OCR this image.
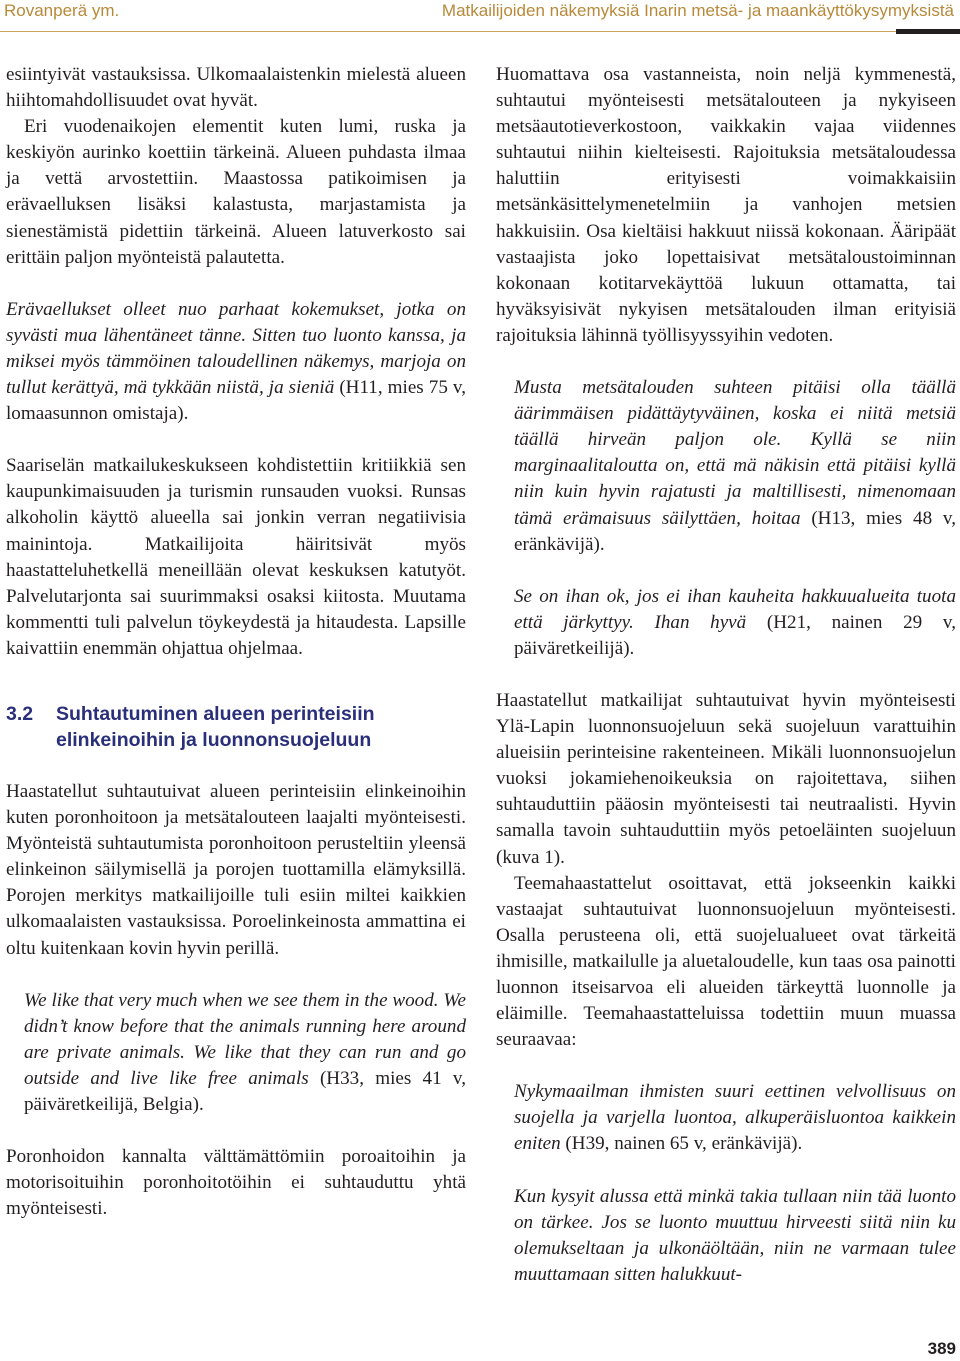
Rovanperä ym.	Matkailijoiden näkemyksiä Inarin metsä- ja maankäyttökysymyksistä

esiintyivät vastauksissa. Ulkomaalaistenkin mielestä alueen hiihtomahdollisuudet ovat hyvät.

Eri vuodenaikojen elementit kuten lumi, ruska ja keskiyön aurinko koettiin tärkeinä. Alueen puhdasta ilmaa ja vettä arvostettiin. Maastossa patikoimisen ja erävaelluksen lisäksi kalastusta, marjastamista ja sienestämistä pidettiin tärkeinä. Alueen latuverkosto sai erittäin paljon myönteistä palautetta.

Erävaellukset olleet nuo parhaat kokemukset, jotka on syvästi mua lähentäneet tänne. Sitten tuo luonto kanssa, ja miksei myös tämmöinen taloudellinen näkemys, marjoja on tullut kerättyä, mä tykkään niistä, ja sieniä (H11, mies 75 v, lomaasunnon omistaja).

Saariselän matkailukeskukseen kohdistettiin kritiikkiä sen kaupunkimaisuuden ja turismin runsauden vuoksi. Runsas alkoholin käyttö alueella sai jonkin verran negatiivisia mainintoja. Matkailijoita häiritsivät myös haastatteluhetkellä meneillään olevat keskuksen katutyöt. Palvelutarjonta sai suurimmaksi osaksi kiitosta. Muutama kommentti tuli palvelun töykeydestä ja hitaudesta. Lapsille kaivattiin enemmän ohjattua ohjelmaa.

3.2	Suhtautuminen alueen perinteisiin elinkeinoihin ja luonnonsuojeluun

Haastatellut suhtautuivat alueen perinteisiin elinkeinoihin kuten poronhoitoon ja metsätalouteen laajalti myönteisesti. Myönteistä suhtautumista poronhoitoon perusteltiin yleensä elinkeinon säilymisellä ja porojen tuottamilla elämyksillä. Porojen merkitys matkailijoille tuli esiin miltei kaikkien ulkomaalaisten vastauksissa. Poroelinkeinosta ammattina ei oltu kuitenkaan kovin hyvin perillä.

We like that very much when we see them in the wood. We didn’t know before that the animals running here around are private animals. We like that they can run and go outside and live like free animals (H33, mies 41 v, päiväretkeilijä, Belgia).

Poronhoidon kannalta välttämättömiin poroaitoihin ja motorisoituihin poronhoitotöihin ei suhtauduttu yhtä myönteisesti.

Huomattava osa vastanneista, noin neljä kymmenestä, suhtautui myönteisesti metsätalouteen ja nykyiseen metsäautotieverkostoon, vaikkakin vajaa viidennes suhtautui niihin kielteisesti. Rajoituksia metsätaloudessa haluttiin erityisesti voimakkaisiin metsänkäsittelymenetelmiin ja vanhojen metsien hakkuisiin. Osa kieltäisi hakkuut niissä kokonaan. Ääripäät vastaajista joko lopettaisivat metsätaloustoiminnan kokonaan kotitarvekäyttöä lukuun ottamatta, tai hyväksyisivät nykyisen metsätalouden ilman erityisiä rajoituksia lähinnä työllisyyssyihin vedoten.

Musta metsätalouden suhteen pitäisi olla täällä äärimmäisen pidättäytyväinen, koska ei niitä metsiä täällä hirveän paljon ole. Kyllä se niin marginaalitaloutta on, että mä näkisin että pitäisi kyllä niin kuin hyvin rajatusti ja maltillisesti, nimenomaan tämä erämaisuus säilyttäen, hoitaa (H13, mies 48 v, eränkävijä).

Se on ihan ok, jos ei ihan kauheita hakkuualueita tuota että järkyttyy. Ihan hyvä (H21, nainen 29 v, päiväretkeilijä).

Haastatellut matkailijat suhtautuivat hyvin myönteisesti Ylä-Lapin luonnonsuojeluun sekä suojeluun varattuihin alueisiin perinteisine rakenteineen. Mikäli luonnonsuojelun vuoksi jokamiehenoikeuksia on rajoitettava, siihen suhtauduttiin pääosin myönteisesti tai neutraalisti. Hyvin samalla tavoin suhtauduttiin myös petoeläinten suojeluun (kuva 1).

Teemahaastattelut osoittavat, että jokseenkin kaikki vastaajat suhtautuivat luonnonsuojeluun myönteisesti. Osalla perusteena oli, että suojelualueet ovat tärkeitä ihmisille, matkailulle ja aluetaloudelle, kun taas osa painotti luonnon itseisarvoa eli alueiden tärkeyttä luonnolle ja eläimille. Teemahaastatteluissa todettiin muun muassa seuraavaa:

Nykymaailman ihmisten suuri eettinen velvollisuus on suojella ja varjella luontoa, alkuperäisluontoa kaikkein eniten (H39, nainen 65 v, eränkävijä).

Kun kysyit alussa että minkä takia tullaan niin tää luonto on tärkee. Jos se luonto muuttuu hirveesti siitä niin ku olemukseltaan ja ulkonäöltään, niin ne varmaan tulee muuttamaan sitten halukkuut-

389
